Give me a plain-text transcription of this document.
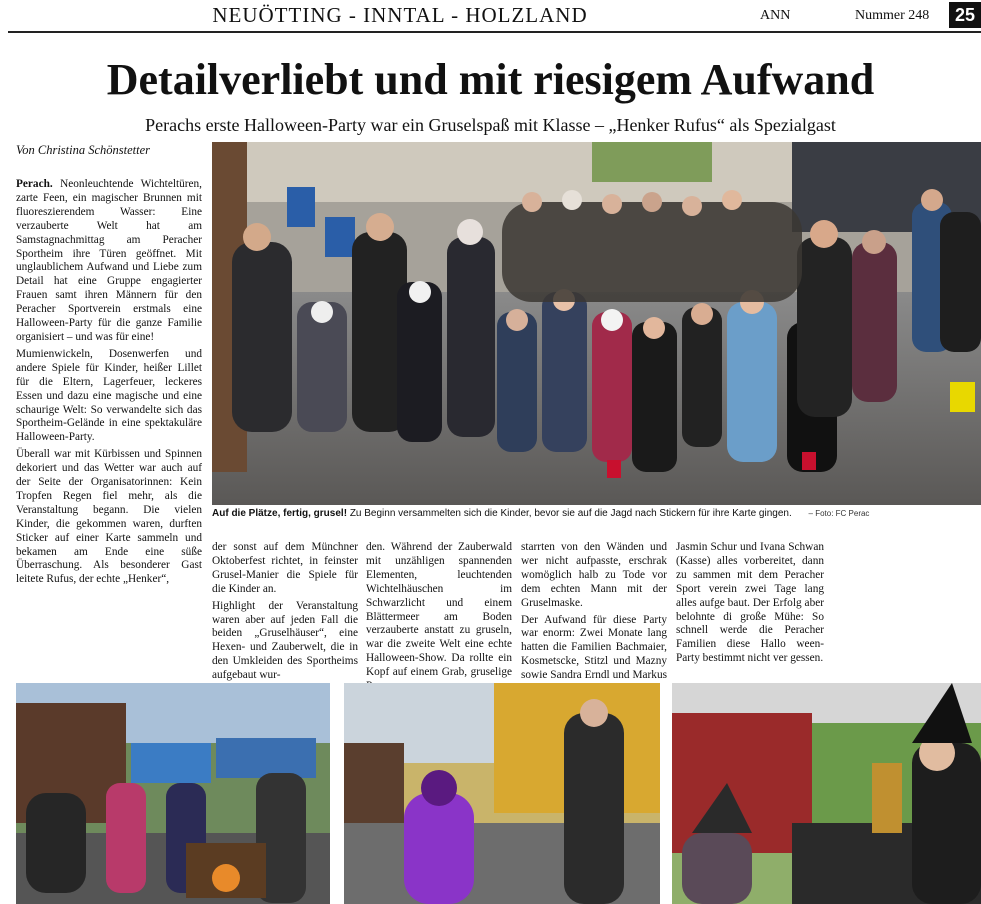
NEUÖTTING - INNTAL - HOLZLAND	ANN	Nummer 248	25
Detailverliebt und mit riesigem Aufwand
Perachs erste Halloween-Party war ein Gruselspaß mit Klasse – „Henker Rufus“ als Spezialgast
Von Christina Schönstetter

Perach. Neonleuchtende Wichteltüren, zarte Feen, ein magischer Brunnen mit fluoreszierendem Wasser: Eine verzauberte Welt hat am Samstagnachmittag am Peracher Sportheim ihre Türen geöffnet. Mit unglaublichem Aufwand und Liebe zum Detail hat eine Gruppe engagierter Frauen samt ihren Männern für den Peracher Sportverein erstmals eine Halloween-Party für die ganze Familie organisiert – und was für eine!

Mumienwickeln, Dosenwerfen und andere Spiele für Kinder, heißer Lillet für die Eltern, Lagerfeuer, leckeres Essen und dazu eine magische und eine schaurige Welt: So verwandelte sich das Sportheim-Gelände in eine spektakuläre Halloween-Party.

Überall war mit Kürbissen und Spinnen dekoriert und das Wetter war auch auf der Seite der Organisatorinnen: Kein Tropfen Regen fiel mehr, als die Veranstaltung begann. Die vielen Kinder, die gekommen waren, durften Sticker auf einer Karte sammeln und bekamen am Ende eine süße Überraschung. Als besonderer Gast leitete Rufus, der echte „Henker“,

Auf die Plätze, fertig, grusel! Zu Beginn versammelten sich die Kinder, bevor sie auf die Jagd nach Stickern für ihre Karte gingen. – Foto: FC Perac

der sonst auf dem Münchner Oktoberfest richtet, in feinster Grusel-Manier die Spiele für die Kinder an.

Highlight der Veranstaltung waren aber auf jeden Fall die beiden „Gruselhäuser“, eine Hexen- und Zauberwelt, die in den Umkleiden des Sportheims aufgebaut wur-

den. Während der Zauberwald mit unzähligen spannenden Elementen, leuchtenden Wichtelhäuschen im Schwarzlicht und einem Blättermeer am Boden verzauberte anstatt zu gruseln, war die zweite Welt eine echte Halloween-Show. Da rollte ein Kopf auf einem Grab, gruselige

starrten von den Wänden und wer nicht aufpasste, erschrak womöglich halb zu Tode vor dem echten Mann mit der Gruselmaske.

Der Aufwand für diese Party war enorm: Zwei Monate lang hatten die Familien Bachmaier, Kosmetscke, Stitzl und Mazny sowie Sandra Erndl und Markus

Jasmin Schur und Ivana Schwan (Kasse) alles vorbereitet, dann zu sammen mit dem Peracher Sport verein zwei Tage lang alles aufge baut. Der Erfolg aber belohnte di große Mühe: So schnell werde die Peracher Familien diese Hallo ween-Party bestimmt nicht ver gessen.
